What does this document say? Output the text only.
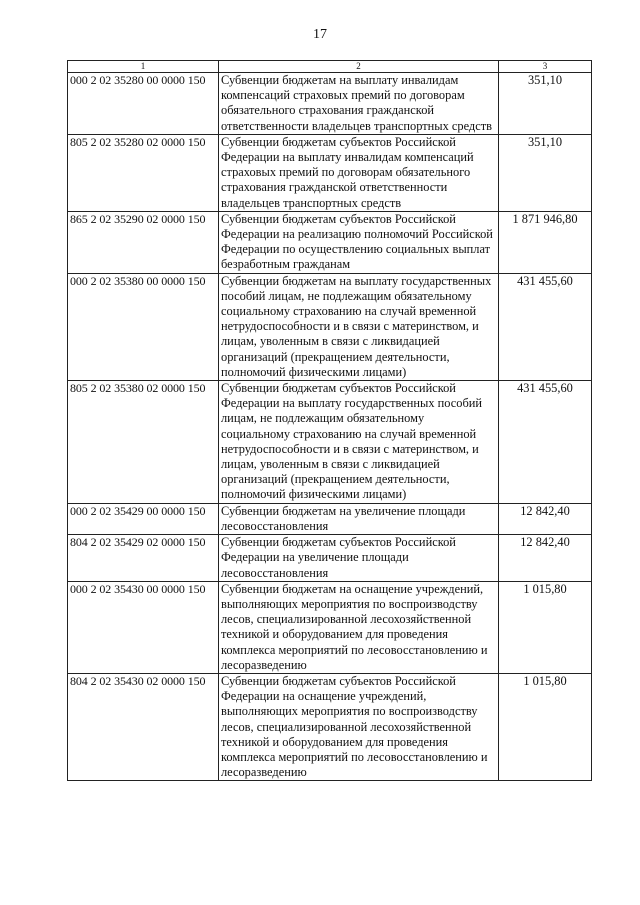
17
1	2	3
000 2 02 35280 00 0000 150	Субвенции бюджетам на выплату инвалидам компенсаций страховых премий по договорам обязательного страхования гражданской ответственности владельцев транспортных средств	351,10
805 2 02 35280 02 0000 150	Субвенции бюджетам субъектов Российской Федерации на выплату инвалидам компенсаций страховых премий по договорам обязательного страхования гражданской ответственности владельцев транспортных средств	351,10
865 2 02 35290 02 0000 150	Субвенции бюджетам субъектов Российской Федерации на реализацию полномочий Российской Федерации по осуществлению социальных выплат безработным гражданам	1 871 946,80
000 2 02 35380 00 0000 150	Субвенции бюджетам на выплату государственных пособий лицам, не подлежащим обязательному социальному страхованию на случай временной нетрудоспособности и в связи с материнством, и лицам, уволенным в связи с ликвидацией организаций (прекращением деятельности, полномочий физическими лицами)	431 455,60
805 2 02 35380 02 0000 150	Субвенции бюджетам субъектов Российской Федерации на выплату государственных пособий лицам, не подлежащим обязательному социальному страхованию на случай временной нетрудоспособности и в связи с материнством, и лицам, уволенным в связи с ликвидацией организаций (прекращением деятельности, полномочий физическими лицами)	431 455,60
000 2 02 35429 00 0000 150	Субвенции бюджетам на увеличение площади лесовосстановления	12 842,40
804 2 02 35429 02 0000 150	Субвенции бюджетам субъектов Российской Федерации на увеличение площади лесовосстановления	12 842,40
000 2 02 35430 00 0000 150	Субвенции бюджетам на оснащение учреждений, выполняющих мероприятия по воспроизводству лесов, специализированной лесохозяйственной техникой и оборудованием для проведения комплекса мероприятий по лесовосстановлению и лесоразведению	1 015,80
804 2 02 35430 02 0000 150	Субвенции бюджетам субъектов Российской Федерации на оснащение учреждений, выполняющих мероприятия по воспроизводству лесов, специализированной лесохозяйственной техникой и оборудованием для проведения комплекса мероприятий по лесовосстановлению и лесоразведению	1 015,80
